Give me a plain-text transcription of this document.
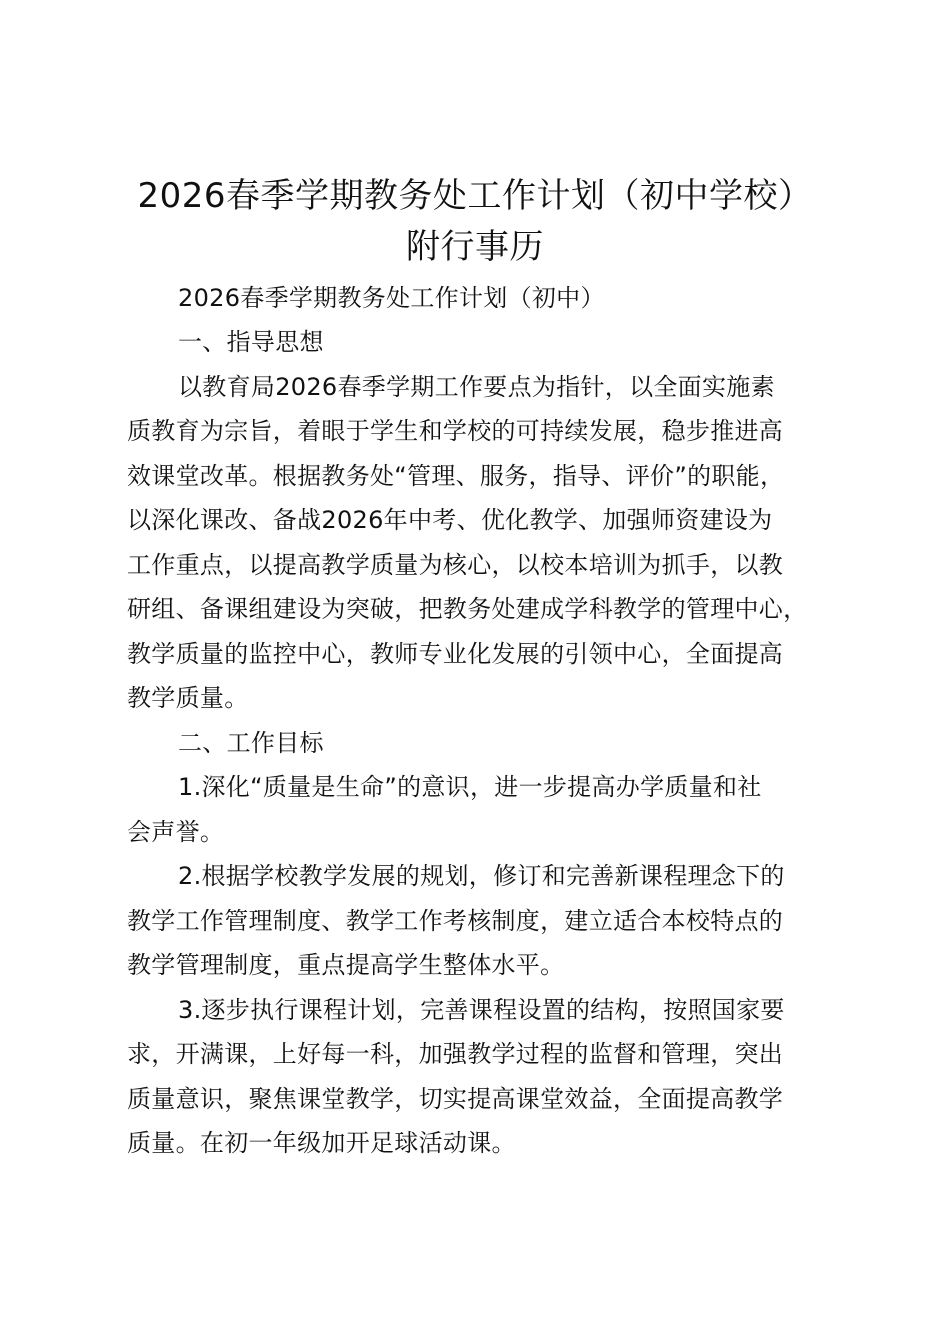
2026春季学期教务处工作计划（初中学校）
附行事历
2026春季学期教务处工作计划（初中）
一、指导思想
以教育局2026春季学期工作要点为指针，以全面实施素
质教育为宗旨，着眼于学生和学校的可持续发展，稳步推进高
效课堂改革。根据教务处“管理、服务，指导、评价”的职能，
以深化课改、备战2026年中考、优化教学、加强师资建设为
工作重点，以提高教学质量为核心，以校本培训为抓手，以教
研组、备课组建设为突破，把教务处建成学科教学的管理中心，
教学质量的监控中心，教师专业化发展的引领中心，全面提高
教学质量。
二、工作目标
1.深化“质量是生命”的意识，进一步提高办学质量和社
会声誉。
2.根据学校教学发展的规划，修订和完善新课程理念下的
教学工作管理制度、教学工作考核制度，建立适合本校特点的
教学管理制度，重点提高学生整体水平。
3.逐步执行课程计划，完善课程设置的结构，按照国家要
求，开满课，上好每一科，加强教学过程的监督和管理，突出
质量意识，聚焦课堂教学，切实提高课堂效益，全面提高教学
质量。在初一年级加开足球活动课。
